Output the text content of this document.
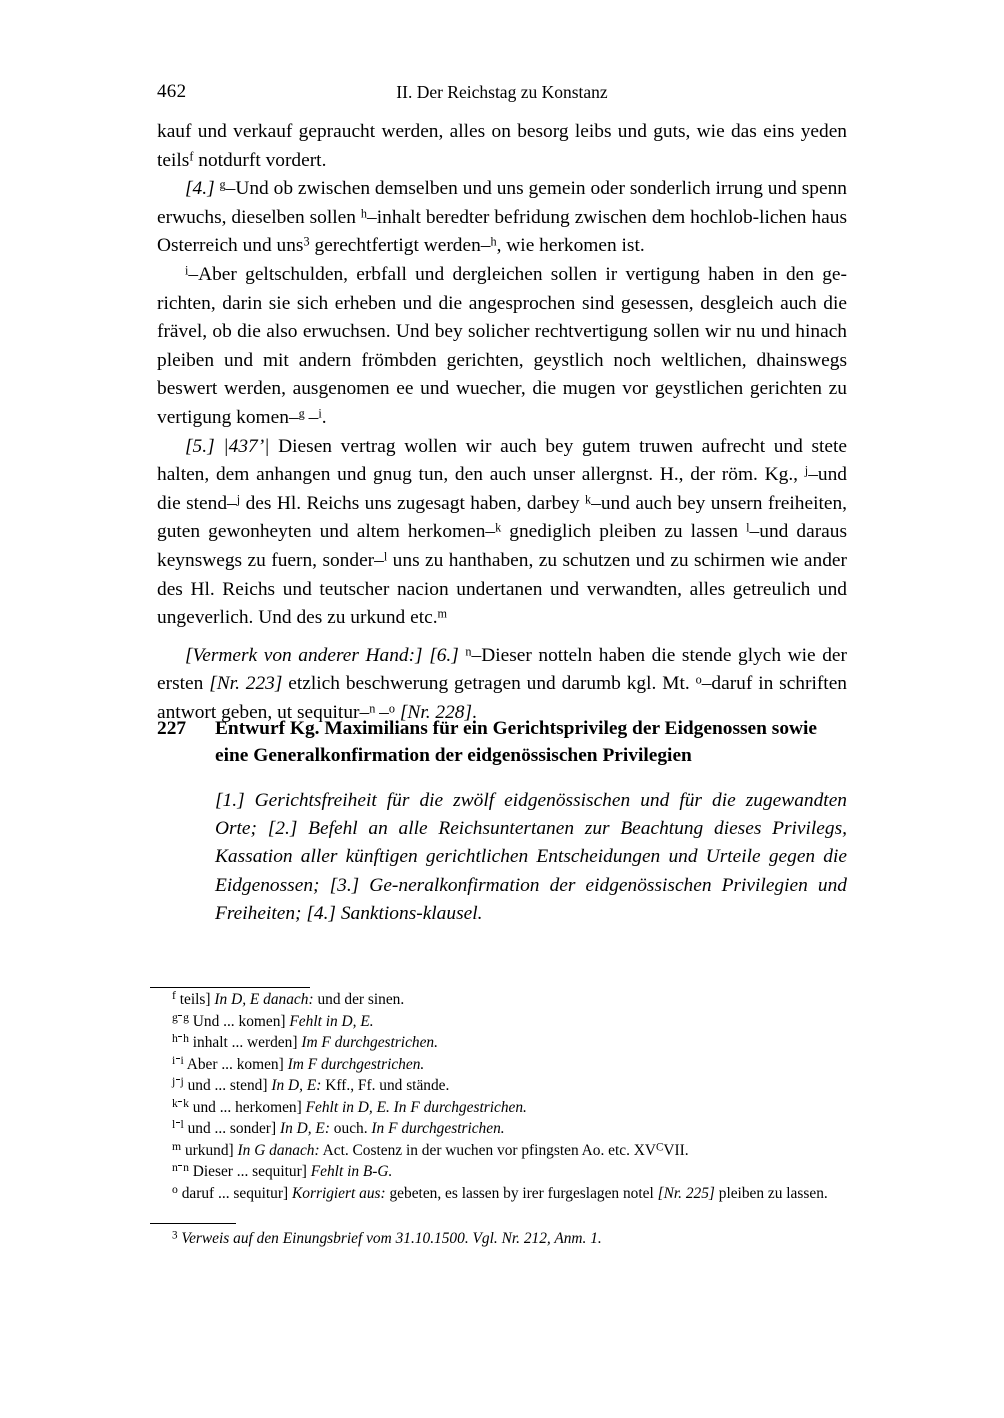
462	II. Der Reichstag zu Konstanz

kauf und verkauf gepraucht werden, alles on besorg leibs und guts, wie das eins yeden teils$^f$ notdurft vordert.

[4.] $^g$–Und ob zwischen demselben und uns gemein oder sonderlich irrung und spenn erwuchs, dieselben sollen $^h$–inhalt beredter befridung zwischen dem hochlob-lichen haus Osterreich und uns$^3$ gerechtfertigt werden–$^h$, wie herkomen ist.

$^i$–Aber geltschulden, erbfall und dergleichen sollen ir vertigung haben in den ge-richten, darin sie sich erheben und die angesprochen sind gesessen, desgleich auch die frävel, ob die also erwuchsen. Und bey solicher rechtvertigung sollen wir nu und hinach pleiben und mit andern frömbden gerichten, geystlich noch weltlichen, dhainswegs beswert werden, ausgenomen ee und wuecher, die mugen vor geystlichen gerichten zu vertigung komen–$^g$ –$^i$.

[5.] |437’| Diesen vertrag wollen wir auch bey gutem truwen aufrecht und stete halten, dem anhangen und gnug tun, den auch unser allergnst. H., der röm. Kg., $^j$–und die stend–$^j$ des Hl. Reichs uns zugesagt haben, darbey $^k$–und auch bey unsern freiheiten, guten gewonheyten und altem herkomen–$^k$ gnediglich pleiben zu lassen $^l$–und daraus keynswegs zu fuern, sonder–$^l$ uns zu hanthaben, zu schutzen und zu schirmen wie ander des Hl. Reichs und teutscher nacion undertanen und verwandten, alles getreulich und ungeverlich. Und des zu urkund etc.$^m$

[Vermerk von anderer Hand:] [6.] $^n$–Dieser notteln haben die stende glych wie der ersten [Nr. 223] etzlich beschwerung getragen und darumb kgl. Mt. $^o$–daruf in schriften antwort geben, ut sequitur–$^n$ –$^o$ [Nr. 228].

227	Entwurf Kg. Maximilians für ein Gerichtsprivileg der Eidgenossen sowie eine Generalkonfirmation der eidgenössischen Privilegien

[1.] Gerichtsfreiheit für die zwölf eidgenössischen und für die zugewandten Orte; [2.] Befehl an alle Reichsuntertanen zur Beachtung dieses Privilegs, Kassation aller künftigen gerichtlichen Entscheidungen und Urteile gegen die Eidgenossen; [3.] Ge-neralkonfirmation der eidgenössischen Privilegien und Freiheiten; [4.] Sanktions-klausel.

$^f$ teils] In D, E danach: und der sinen.
$^g$ $^g$ Und ... komen] Fehlt in D, E.
$^h$ $^h$ inhalt ... werden] Im F durchgestrichen.
$^i$ $^i$ Aber ... komen] Im F durchgestrichen.
$^j$ $^j$ und ... stend] In D, E: Kff., Ff. und stände.
$^k$ $^k$ und ... herkomen] Fehlt in D, E. In F durchgestrichen.
$^l$ $^l$ und ... sonder] In D, E: ouch. In F durchgestrichen.
$^m$ urkund] In G danach: Act. Costenz in der wuchen vor pfingsten Ao. etc. $XV^CVII$.
$^n$ $^n$ Dieser ... sequitur] Fehlt in B-G.
$^o$ daruf ... sequitur] Korrigiert aus: gebeten, es lassen by irer furgeslagen notel [Nr. 225] pleiben zu lassen.
$^3$ Verweis auf den Einungsbrief vom 31.10.1500. Vgl. Nr. 212, Anm. 1.
